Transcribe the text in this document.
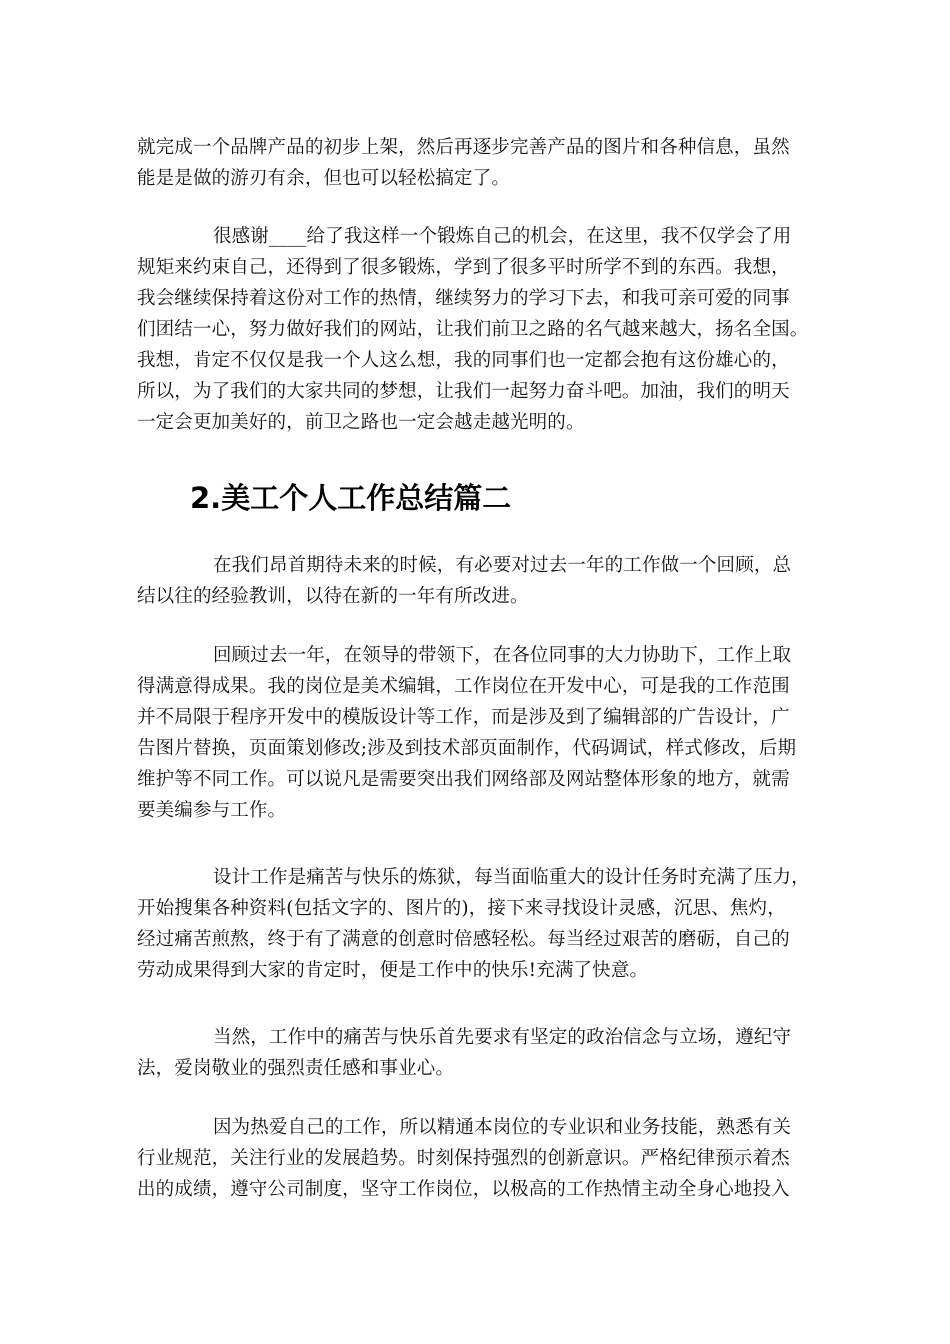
就完成一个品牌产品的初步上架，然后再逐步完善产品的图片和各种信息，虽然
能是是做的游刃有余，但也可以轻松搞定了。
很感谢____给了我这样一个锻炼自己的机会，在这里，我不仅学会了用
规矩来约束自己，还得到了很多锻炼，学到了很多平时所学不到的东西。我想，
我会继续保持着这份对工作的热情，继续努力的学习下去，和我可亲可爱的同事
们团结一心，努力做好我们的网站，让我们前卫之路的名气越来越大，扬名全国。
我想，肯定不仅仅是我一个人这么想，我的同事们也一定都会抱有这份雄心的，
所以，为了我们的大家共同的梦想，让我们一起努力奋斗吧。加油，我们的明天
一定会更加美好的，前卫之路也一定会越走越光明的。
2.美工个人工作总结篇二
在我们昂首期待未来的时候，有必要对过去一年的工作做一个回顾，总
结以往的经验教训，以待在新的一年有所改进。
回顾过去一年，在领导的带领下，在各位同事的大力协助下，工作上取
得满意得成果。我的岗位是美术编辑，工作岗位在开发中心，可是我的工作范围
并不局限于程序开发中的模版设计等工作，而是涉及到了编辑部的广告设计，广
告图片替换，页面策划修改;涉及到技术部页面制作，代码调试，样式修改，后期
维护等不同工作。可以说凡是需要突出我们网络部及网站整体形象的地方，就需
要美编参与工作。
设计工作是痛苦与快乐的炼狱，每当面临重大的设计任务时充满了压力，
开始搜集各种资料(包括文字的、图片的)，接下来寻找设计灵感，沉思、焦灼，
经过痛苦煎熬，终于有了满意的创意时倍感轻松。每当经过艰苦的磨砺，自己的
劳动成果得到大家的肯定时，便是工作中的快乐!充满了快意。
当然，工作中的痛苦与快乐首先要求有坚定的政治信念与立场，遵纪守
法，爱岗敬业的强烈责任感和事业心。
因为热爱自己的工作，所以精通本岗位的专业识和业务技能，熟悉有关
行业规范，关注行业的发展趋势。时刻保持强烈的创新意识。严格纪律预示着杰
出的成绩，遵守公司制度，坚守工作岗位，以极高的工作热情主动全身心地投入
